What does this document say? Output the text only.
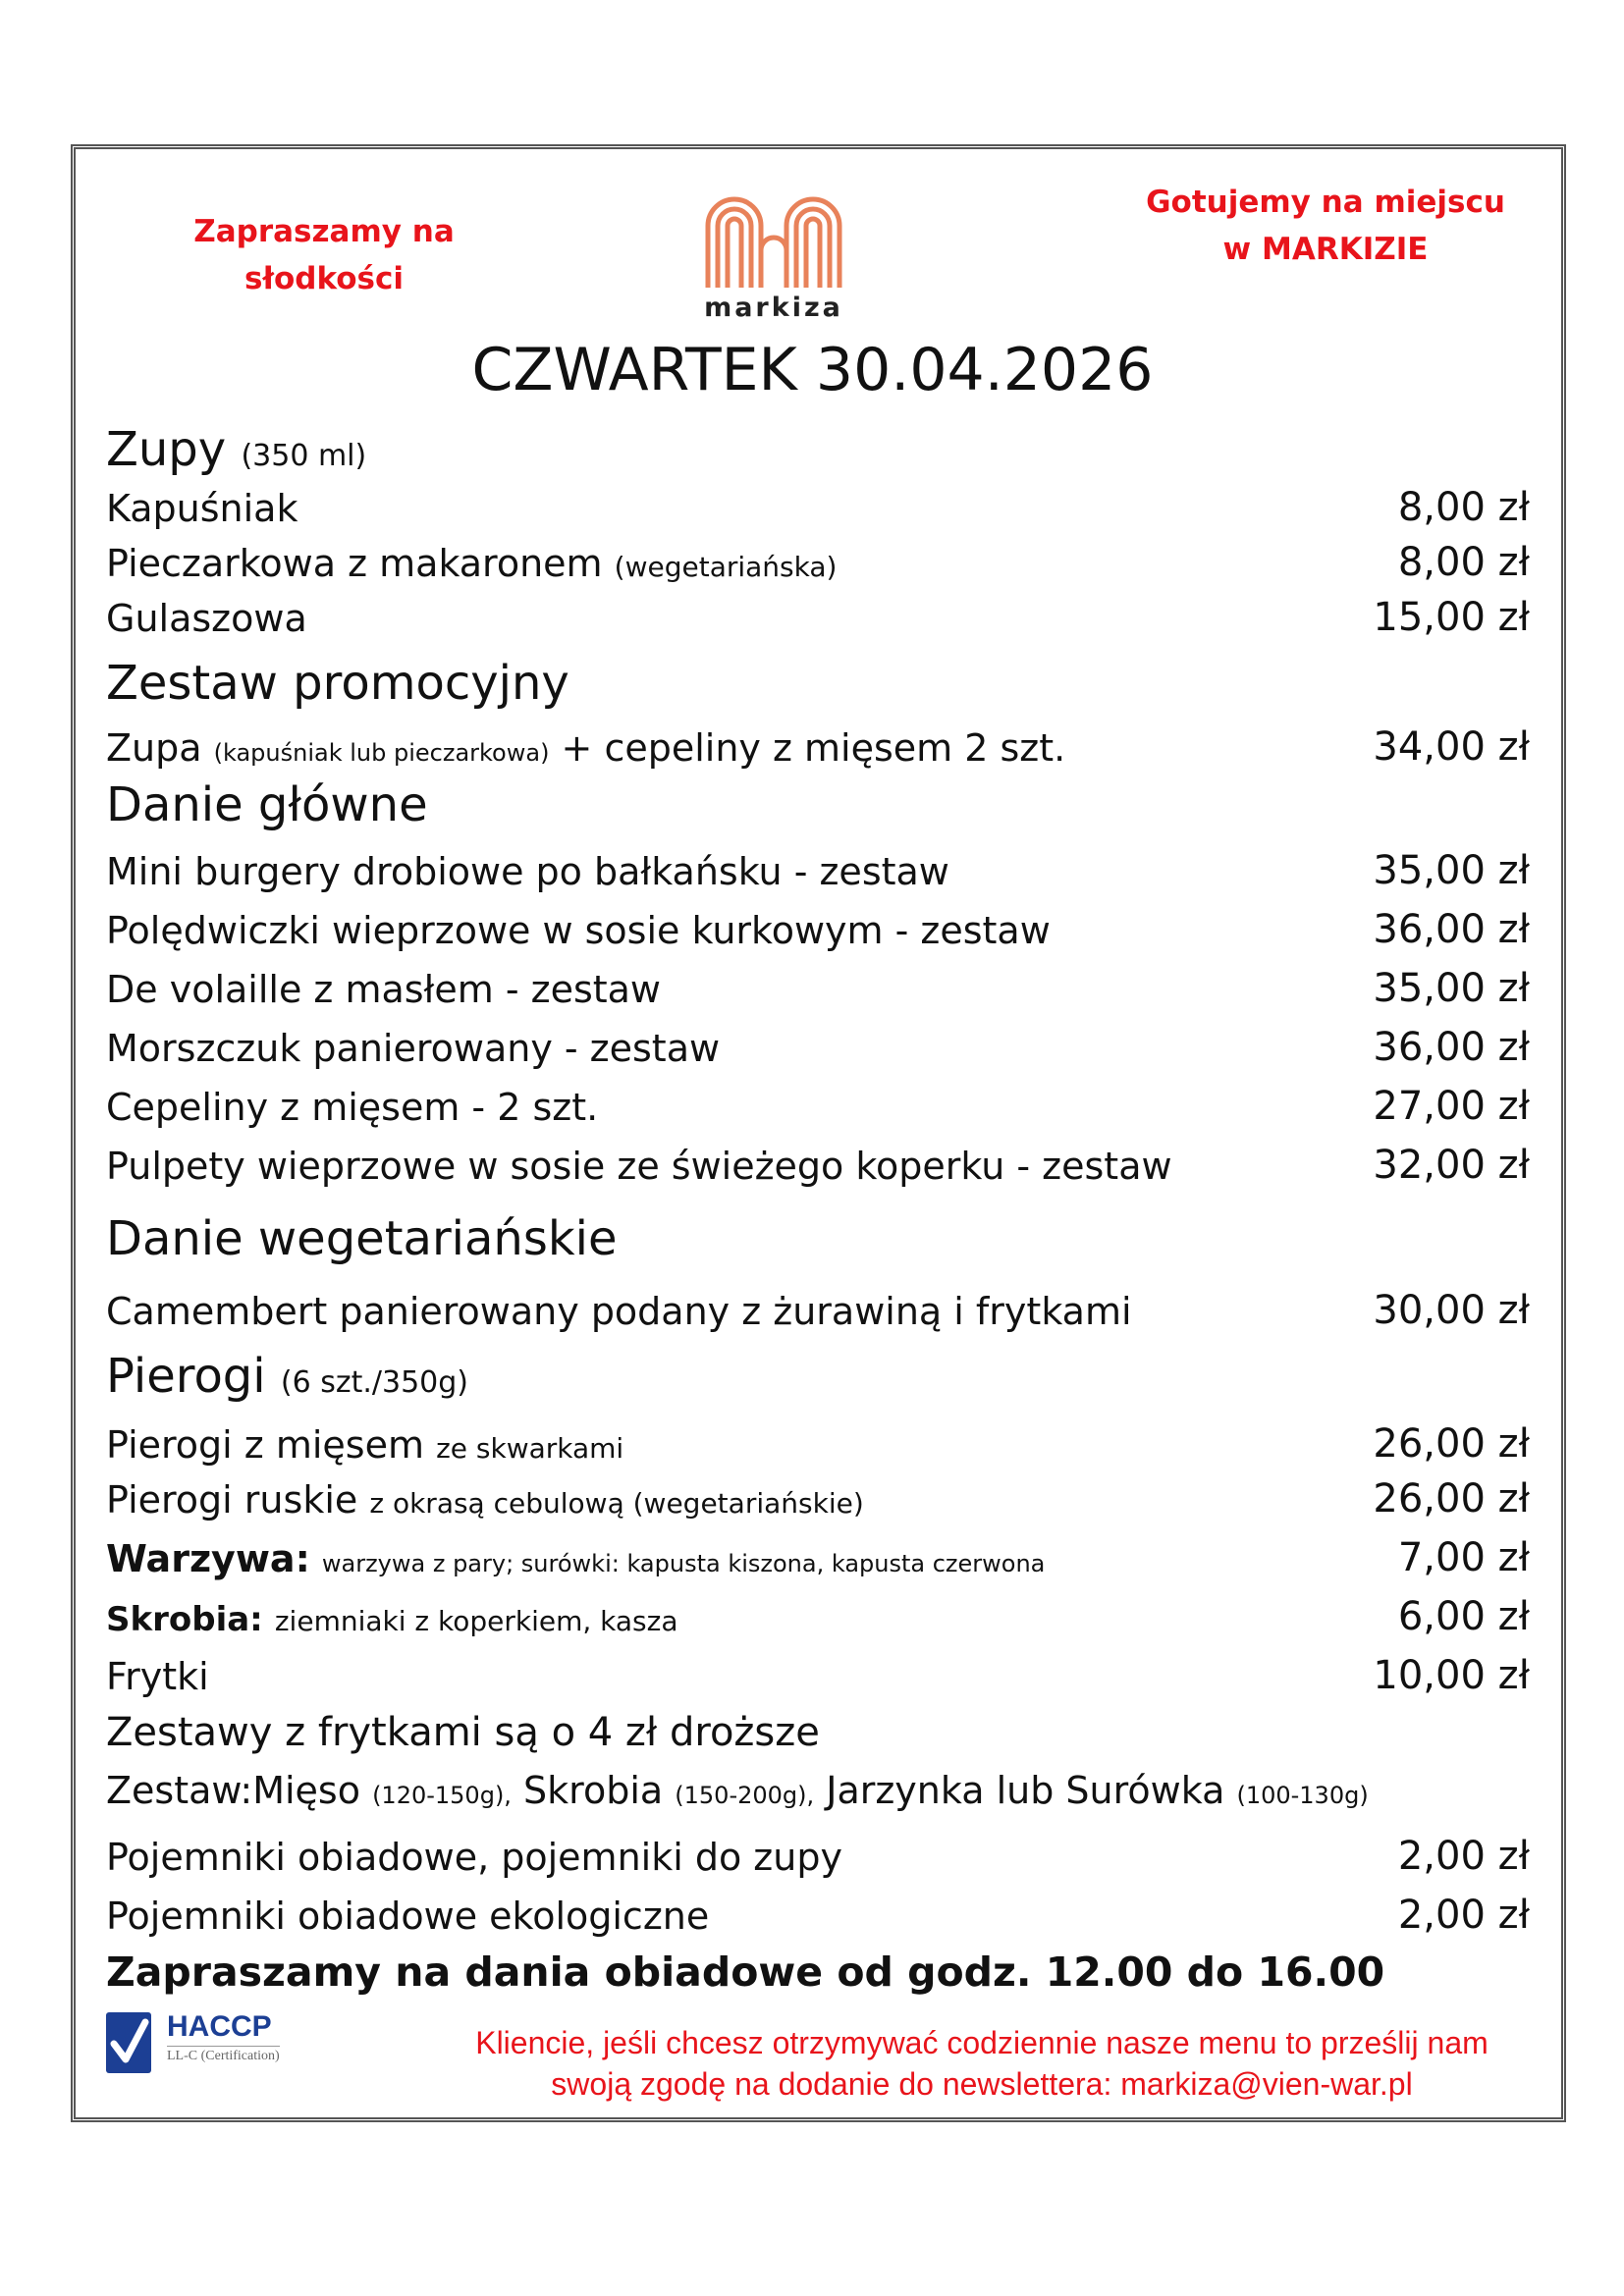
Zapraszamy na
słodkości
Gotujemy na miejscu
w MARKIZIE
markiza
CZWARTEK 30.04.2026
Zupy (350 ml)
Kapuśniak	8,00 zł
Pieczarkowa z makaronem (wegetariańska)	8,00 zł
Gulaszowa	15,00 zł
Zestaw promocyjny
Zupa (kapuśniak lub pieczarkowa) + cepeliny z mięsem 2 szt.	34,00 zł
Danie główne
Mini burgery drobiowe po bałkańsku - zestaw	35,00 zł
Polędwiczki wieprzowe w sosie kurkowym - zestaw	36,00 zł
De volaille z masłem - zestaw	35,00 zł
Morszczuk panierowany - zestaw	36,00 zł
Cepeliny z mięsem - 2 szt.	27,00 zł
Pulpety wieprzowe w sosie ze świeżego koperku - zestaw	32,00 zł
Danie wegetariańskie
Camembert panierowany podany z żurawiną i frytkami	30,00 zł
Pierogi (6 szt./350g)
Pierogi z mięsem ze skwarkami	26,00 zł
Pierogi ruskie z okrasą cebulową (wegetariańskie)	26,00 zł
Warzywa: warzywa z pary; surówki: kapusta kiszona, kapusta czerwona	7,00 zł
Skrobia: ziemniaki z koperkiem, kasza	6,00 zł
Frytki	10,00 zł
Zestawy z frytkami są o 4 zł droższe
Zestaw:Mięso (120-150g), Skrobia (150-200g), Jarzynka lub Surówka (100-130g)
Pojemniki obiadowe, pojemniki do zupy	2,00 zł
Pojemniki obiadowe ekologiczne	2,00 zł
Zapraszamy na dania obiadowe od godz. 12.00 do 16.00
HACCP
LL-C (Certification)	Kliencie, jeśli chcesz otrzymywać codziennie nasze menu to prześlij nam
swoją zgodę na dodanie do newslettera: markiza@vien-war.pl
